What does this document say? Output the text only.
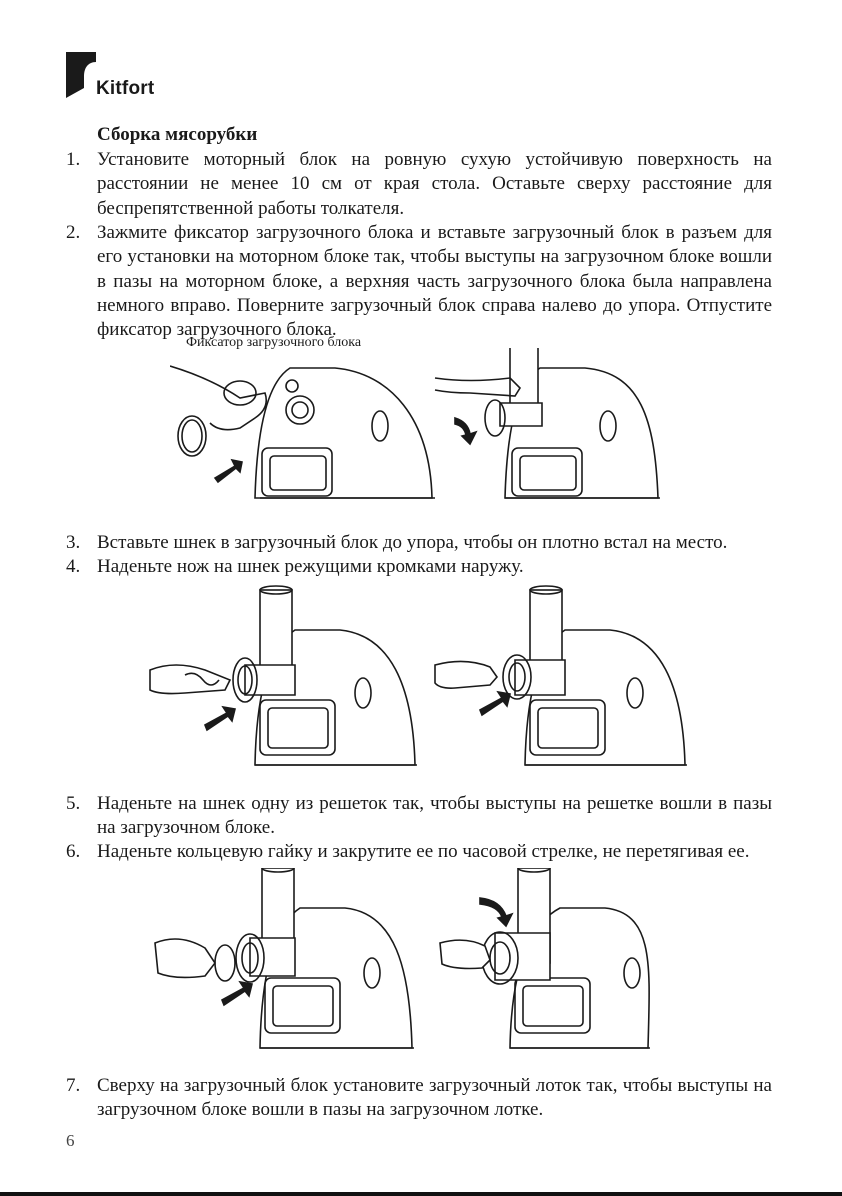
Kitfort
Сборка мясорубки
1. Установите моторный блок на ровную сухую устойчивую поверхность на расстоянии не менее 10 см от края стола. Оставьте сверху расстояние для беспрепятственной работы толкателя.
2. Зажмите фиксатор загрузочного блока и вставьте загрузочный блок в разъем для его установки на моторном блоке так, чтобы выступы на загрузочном блоке вошли в пазы на моторном блоке, а верхняя часть загрузочного блока была направлена немного вправо. Поверните загрузочный блок справа налево до упора. Отпустите фиксатор загрузочного блока.
Фиксатор загрузочного блока
3. Вставьте шнек в загрузочный блок до упора, чтобы он плотно встал на место.
4. Наденьте нож на шнек режущими кромками наружу.
5. Наденьте на шнек одну из решеток так, чтобы выступы на решетке вошли в пазы на загрузочном блоке.
6. Наденьте кольцевую гайку и закрутите ее по часовой стрелке, не перетягивая ее.
7. Сверху на загрузочный блок установите загрузочный лоток так, чтобы выступы на загрузочном блоке вошли в пазы на загрузочном лотке.
6
